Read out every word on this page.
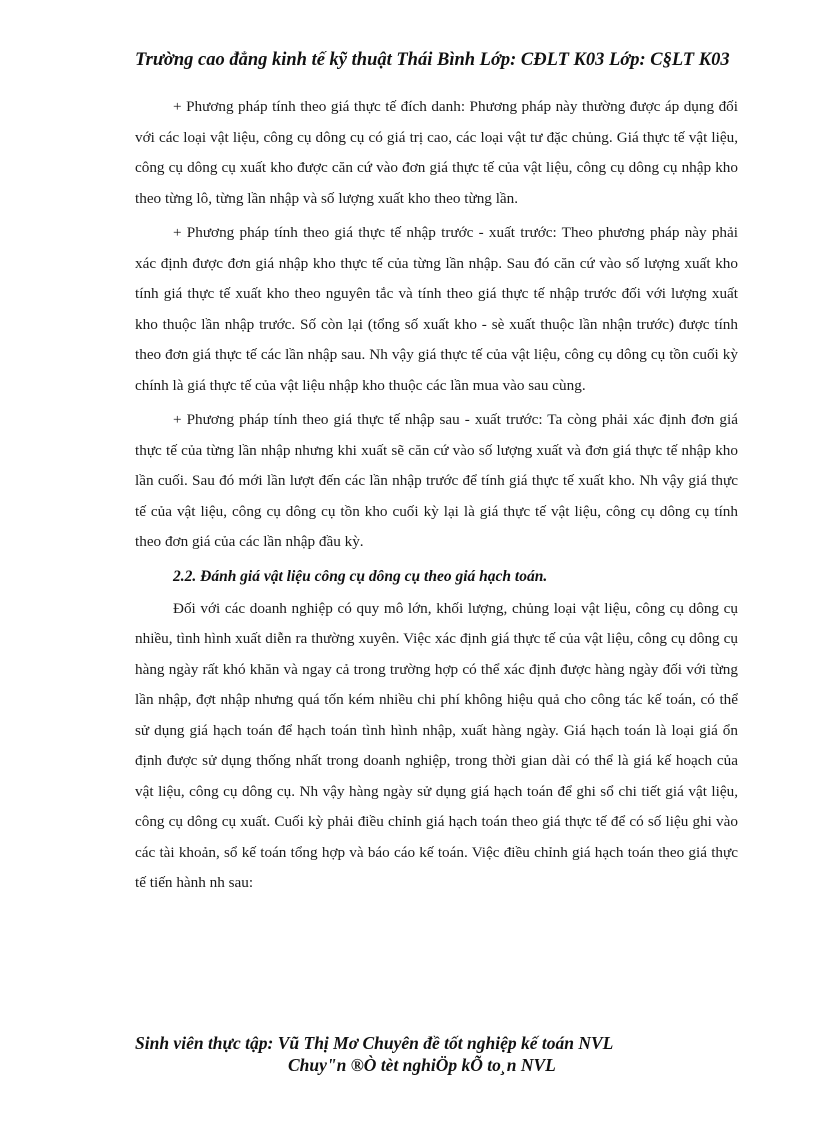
Trường cao đẳng kinh tế kỹ thuật Thái Bình Lớp: CĐLT K03 Lớp: C§LT K03

+ Phương pháp tính theo giá thực tế đích danh: Phương pháp này thường được áp dụng đối với các loại vật liệu, công cụ dông cụ có giá trị cao, các loại vật tư đặc chủng. Giá thực tế vật liệu, công cụ dông cụ xuất kho được căn cứ vào đơn giá thực tế của vật liệu, công cụ dông cụ nhập kho theo từng lô, từng lần nhập và số lượng xuất kho theo từng lần.

+ Phương pháp tính theo giá thực tế nhập trước - xuất trước: Theo phương pháp này phải xác định được đơn giá nhập kho thực tế của từng lần nhập. Sau đó căn cứ vào số lượng xuất kho tính giá thực tế xuất kho theo nguyên tắc và tính theo giá thực tế nhập trước đối với lượng xuất kho thuộc lần nhập trước. Số còn lại (tổng số xuất kho - sè xuất thuộc lần nhận trước) được tính theo đơn giá thực tế các lần nhập sau. Nh vậy giá thực tế của vật liệu, công cụ dông cụ tồn cuối kỳ chính là giá thực tế của vật liệu nhập kho thuộc các lần mua vào sau cùng.

+ Phương pháp tính theo giá thực tế nhập sau - xuất trước: Ta còng phải xác định đơn giá thực tế của từng lần nhập nhưng khi xuất sẽ căn cứ vào số lượng xuất và đơn giá thực tế nhập kho lần cuối. Sau đó mới lần lượt đến các lần nhập trước để tính giá thực tế xuất kho. Nh vậy giá thực tế của vật liệu, công cụ dông cụ tồn kho cuối kỳ lại là giá thực tế vật liệu, công cụ dông cụ tính theo đơn giá của các lần nhập đầu kỳ.

2.2. Đánh giá vật liệu công cụ dông cụ theo giá hạch toán.

Đối với các doanh nghiệp có quy mô lớn, khối lượng, chủng loại vật liệu, công cụ dông cụ nhiều, tình hình xuất diễn ra thường xuyên. Việc xác định giá thực tế của vật liệu, công cụ dông cụ hàng ngày rất khó khăn và ngay cả trong trường hợp có thể xác định được hàng ngày đối với từng lần nhập, đợt nhập nhưng quá tốn kém nhiều chi phí không hiệu quả cho công tác kế toán, có thể sử dụng giá hạch toán để hạch toán tình hình nhập, xuất hàng ngày. Giá hạch toán là loại giá ổn định được sử dụng thống nhất trong doanh nghiệp, trong thời gian dài có thể là giá kế hoạch của vật liệu, công cụ dông cụ. Nh vậy hàng ngày sử dụng giá hạch toán để ghi sổ chi tiết giá vật liệu, công cụ dông cụ xuất. Cuối kỳ phải điều chỉnh giá hạch toán theo giá thực tế để có số liệu ghi vào các tài khoản, sổ kế toán tổng hợp và báo cáo kế toán. Việc điều chỉnh giá hạch toán theo giá thực tế tiến hành nh sau:

Sinh viên thực tập: Vũ Thị Mơ Chuyên đề tốt nghiệp kế toán NVL

Chuy"n ®Ò tèt nghiÖp kÕ to¸n NVL
